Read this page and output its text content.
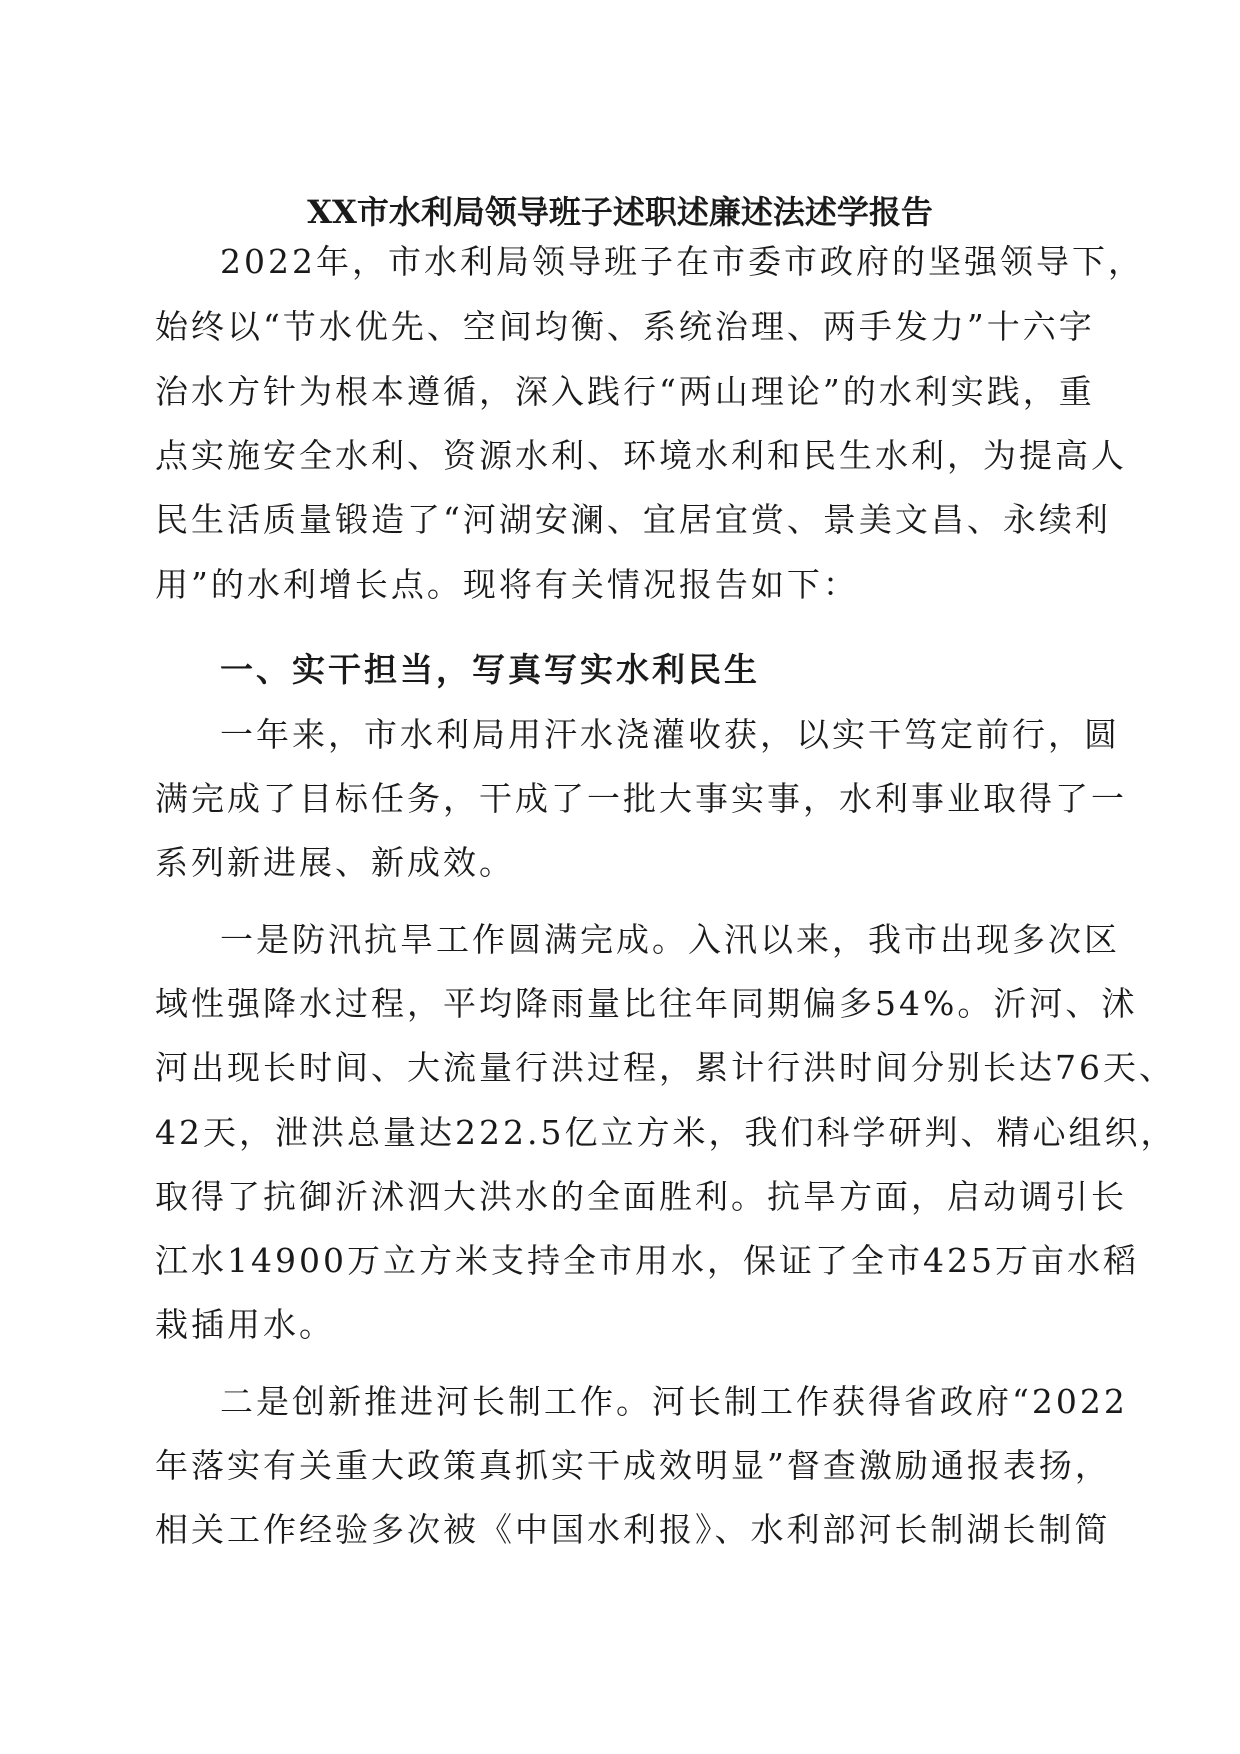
XX市水利局领导班子述职述廉述法述学报告

2022年，市水利局领导班子在市委市政府的坚强领导下，

始终以“节水优先、空间均衡、系统治理、两手发力”十六字

治水方针为根本遵循，深入践行“两山理论”的水利实践，重

点实施安全水利、资源水利、环境水利和民生水利，为提高人

民生活质量锻造了“河湖安澜、宜居宜赏、景美文昌、永续利

用”的水利增长点。现将有关情况报告如下：

一、实干担当，写真写实水利民生

一年来，市水利局用汗水浇灌收获，以实干笃定前行，圆

满完成了目标任务，干成了一批大事实事，水利事业取得了一

系列新进展、新成效。

一是防汛抗旱工作圆满完成。入汛以来，我市出现多次区

域性强降水过程，平均降雨量比往年同期偏多54%。沂河、沭

河出现长时间、大流量行洪过程，累计行洪时间分别长达76天、

42天，泄洪总量达222.5亿立方米，我们科学研判、精心组织，

取得了抗御沂沭泗大洪水的全面胜利。抗旱方面，启动调引长

江水14900万立方米支持全市用水，保证了全市425万亩水稻

栽插用水。

二是创新推进河长制工作。河长制工作获得省政府“2022

年落实有关重大政策真抓实干成效明显”督查激励通报表扬，

相关工作经验多次被《中国水利报》、水利部河长制湖长制简
